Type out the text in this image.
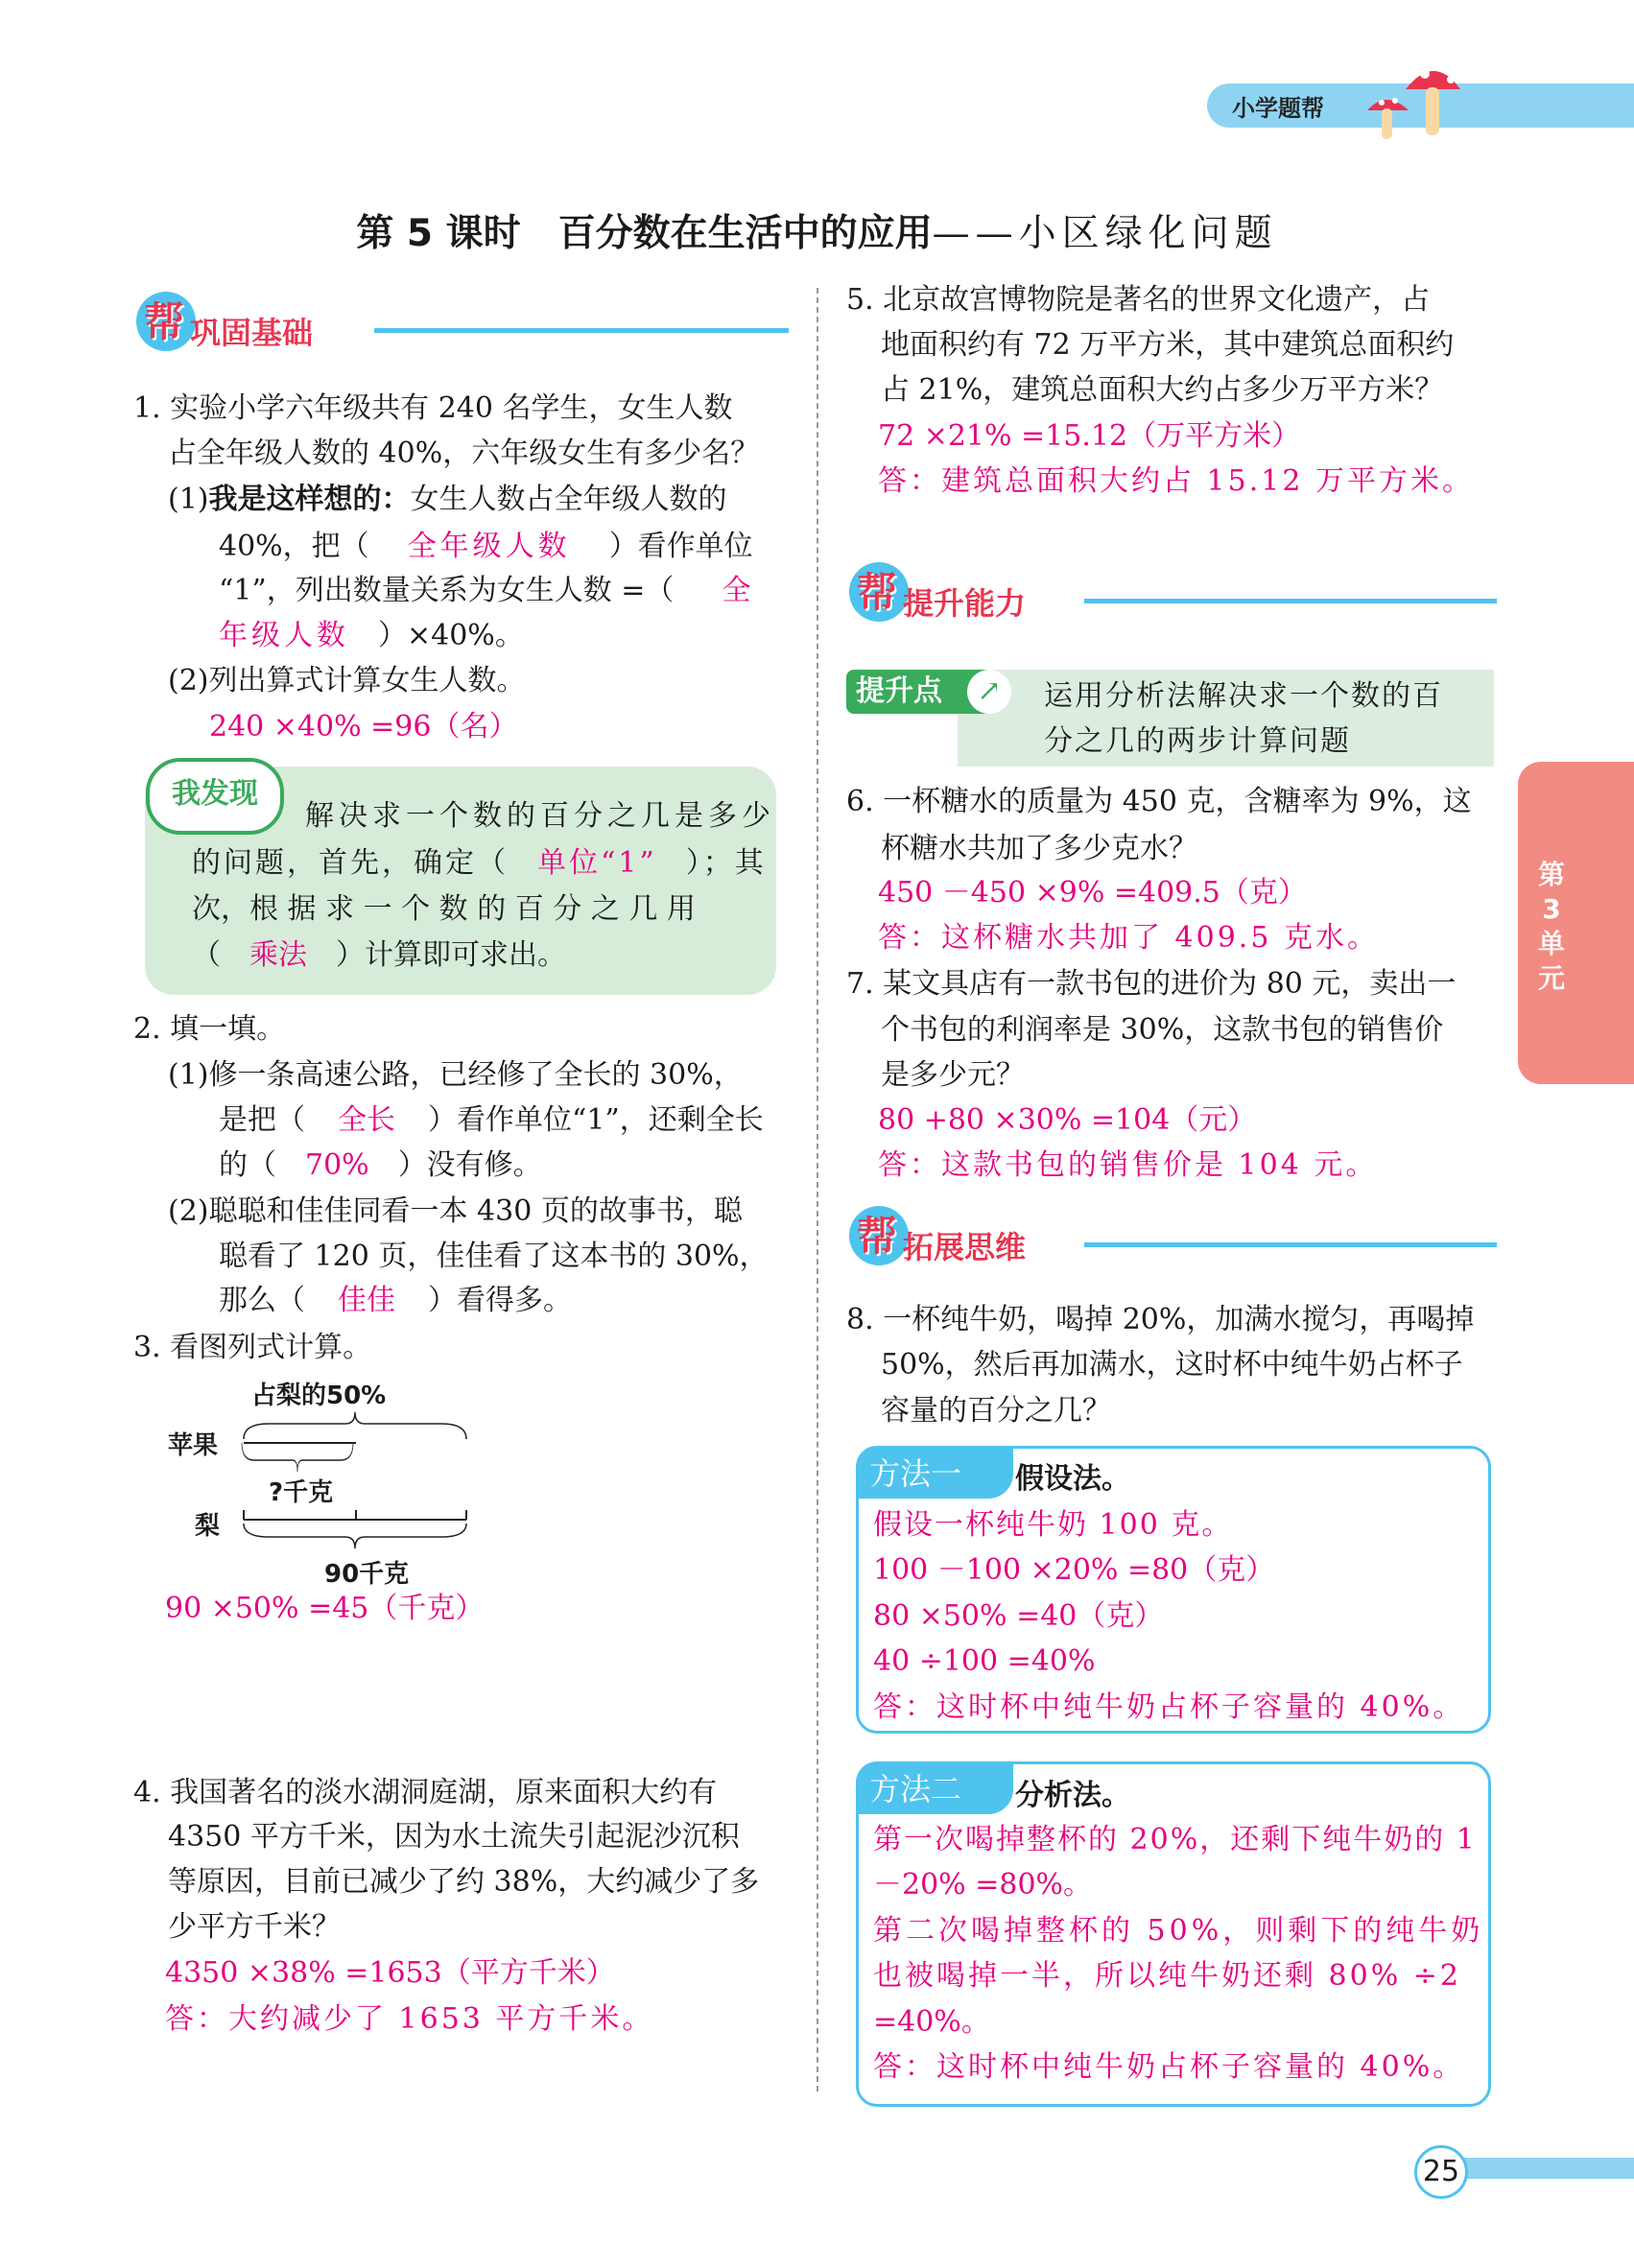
小学题帮
第 5 课时　百分数在生活中的应用——小区绿化问题
帮 巩固基础
1. 实验小学六年级共有 240 名学生，女生人数
占全年级人数的 40%，六年级女生有多少名？
(1)我是这样想的：女生人数占全年级人数的
40%，把（ 全年级人数 ）看作单位
“1”，列出数量关系为女生人数 =（ 全
年级人数 ）×40%。
(2)列出算式计算女生人数。
240 ×40% =96（名）
我发现
解决求一个数的百分之几是多少
的问题，首先，确定（ 单位“1” ）；其
次，根 据 求 一 个 数 的 百 分 之 几 用
（ 乘法 ）计算即可求出。
2. 填一填。
(1)修一条高速公路，已经修了全长的 30%，
是把（ 全长 ）看作单位“1”，还剩全长
的（ 70% ）没有修。
(2)聪聪和佳佳同看一本 430 页的故事书，聪
聪看了 120 页，佳佳看了这本书的 30%，
那么（ 佳佳 ）看得多。
3. 看图列式计算。
占梨的50%
苹果
?千克
梨
90千克
90 ×50% =45（千克）
4. 我国著名的淡水湖洞庭湖，原来面积大约有
4350 平方千米，因为水土流失引起泥沙沉积
等原因，目前已减少了约 38%，大约减少了多
少平方千米？
4350 ×38% =1653（平方千米）
答：大约减少了 1653 平方千米。
5. 北京故宫博物院是著名的世界文化遗产，占
地面积约有 72 万平方米，其中建筑总面积约
占 21%，建筑总面积大约占多少万平方米？
72 ×21% =15.12（万平方米）
答：建筑总面积大约占 15.12 万平方米。
帮 提升能力
提升点	↗	运用分析法解决求一个数的百
分之几的两步计算问题
6. 一杯糖水的质量为 450 克，含糖率为 9%，这
杯糖水共加了多少克水？
450 －450 ×9% =409.5（克）
答：这杯糖水共加了 409.5 克水。
7. 某文具店有一款书包的进价为 80 元，卖出一
个书包的利润率是 30%，这款书包的销售价
是多少元？
80 +80 ×30% =104（元）
答：这款书包的销售价是 104 元。
帮 拓展思维
8. 一杯纯牛奶，喝掉 20%，加满水搅匀，再喝掉
50%，然后再加满水，这时杯中纯牛奶占杯子
容量的百分之几？
方法一	假设法。
假设一杯纯牛奶 100 克。
100 －100 ×20% =80（克）
80 ×50% =40（克）
40 ÷100 =40%
答：这时杯中纯牛奶占杯子容量的 40%。
方法二	分析法。
第一次喝掉整杯的 20%，还剩下纯牛奶的 1
－20% =80%。
第二次喝掉整杯的 50%，则剩下的纯牛奶
也被喝掉一半，所以纯牛奶还剩 80% ÷2
=40%。
答：这时杯中纯牛奶占杯子容量的 40%。
第3单元
25
